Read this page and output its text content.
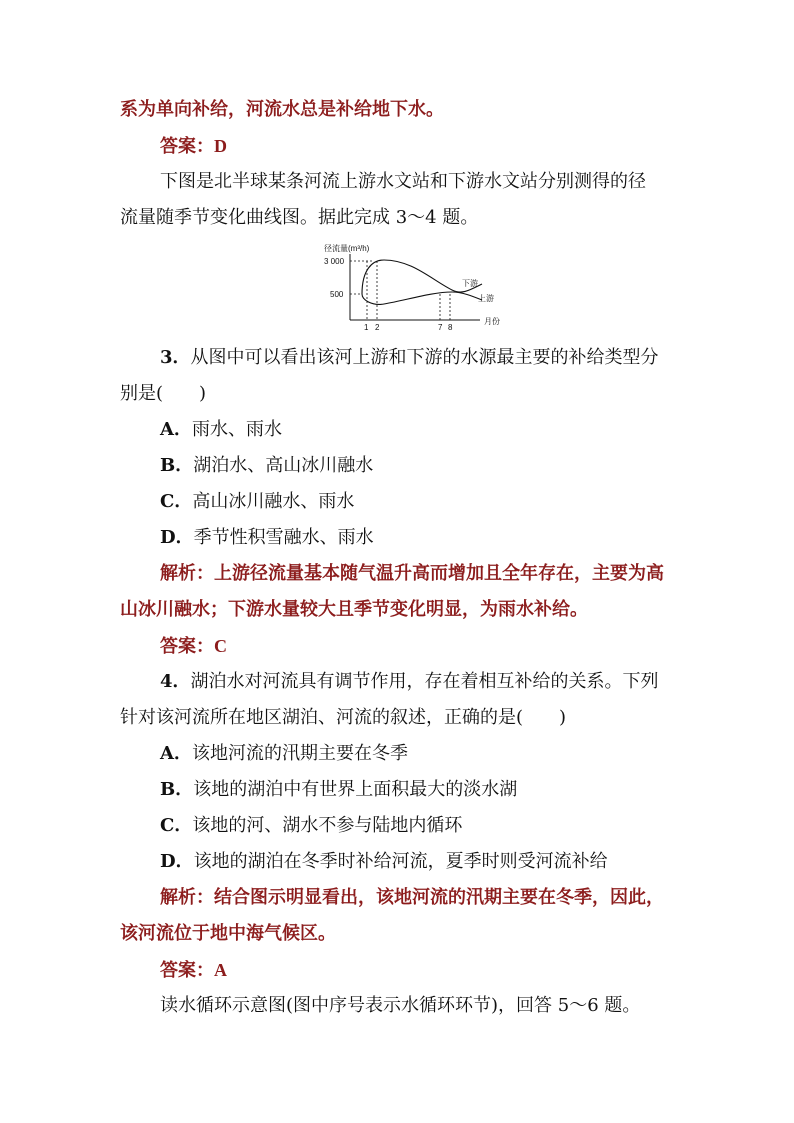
系为单向补给，河流水总是补给地下水。
答案：D
下图是北半球某条河流上游水文站和下游水文站分别测得的径
流量随季节变化曲线图。据此完成 3～4 题。
径流量(m³/h)
3 000
500
下游
上游
1 2	7 8
月份
3．从图中可以看出该河上游和下游的水源最主要的补给类型分
别是(　　)
A．雨水、雨水
B．湖泊水、高山冰川融水
C．高山冰川融水、雨水
D．季节性积雪融水、雨水
解析：上游径流量基本随气温升高而增加且全年存在，主要为高
山冰川融水；下游水量较大且季节变化明显，为雨水补给。
答案：C
4．湖泊水对河流具有调节作用，存在着相互补给的关系。下列
针对该河流所在地区湖泊、河流的叙述，正确的是(　　)
A．该地河流的汛期主要在冬季
B．该地的湖泊中有世界上面积最大的淡水湖
C．该地的河、湖水不参与陆地内循环
D．该地的湖泊在冬季时补给河流，夏季时则受河流补给
解析：结合图示明显看出，该地河流的汛期主要在冬季，因此，
该河流位于地中海气候区。
答案：A
读水循环示意图(图中序号表示水循环环节)，回答 5～6 题。
